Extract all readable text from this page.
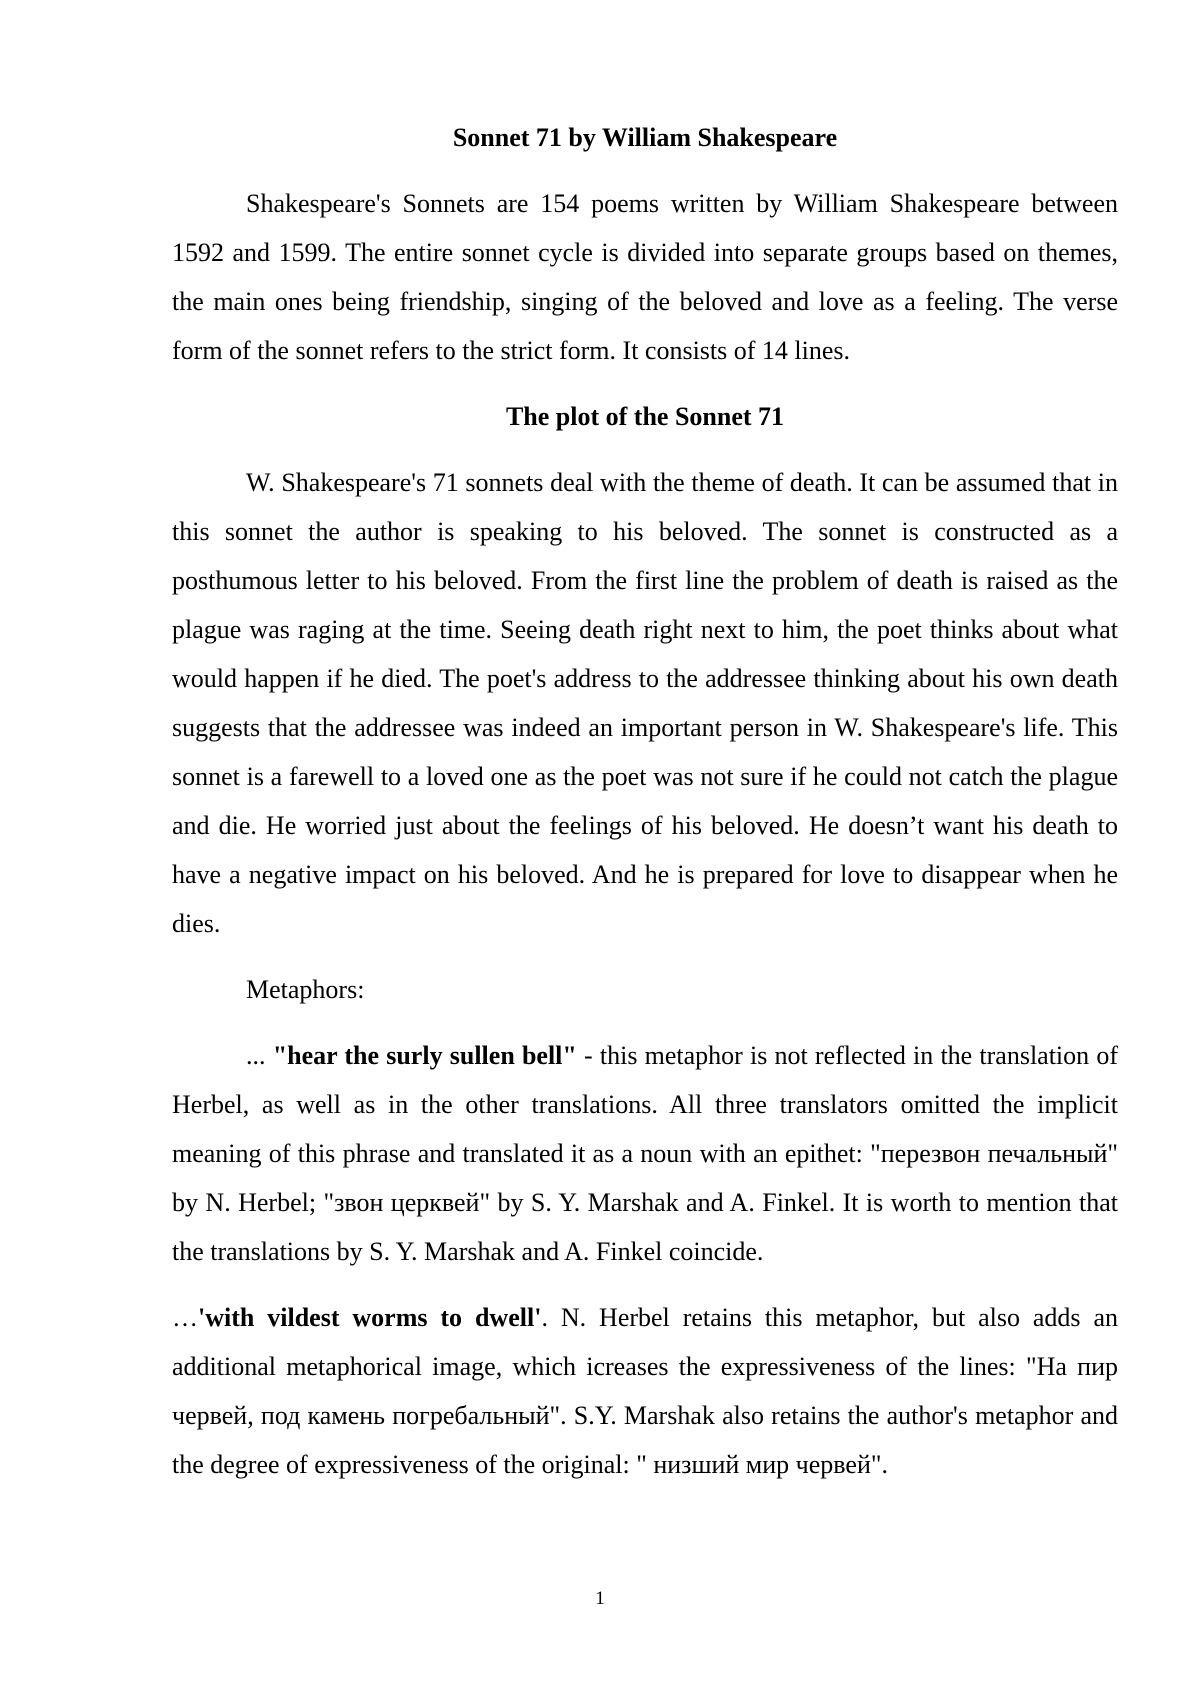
Sonnet 71 by William Shakespeare

Shakespeare's Sonnets are 154 poems written by William Shakespeare between 1592 and 1599. The entire sonnet cycle is divided into separate groups based on themes, the main ones being friendship, singing of the beloved and love as a feeling. The verse form of the sonnet refers to the strict form. It consists of 14 lines.

The plot of the Sonnet 71

W. Shakespeare's 71 sonnets deal with the theme of death. It can be assumed that in this sonnet the author is speaking to his beloved. The sonnet is constructed as a posthumous letter to his beloved. From the first line the problem of death is raised as the plague was raging at the time. Seeing death right next to him, the poet thinks about what would happen if he died. The poet's address to the addressee thinking about his own death suggests that the addressee was indeed an important person in W. Shakespeare's life. This sonnet is a farewell to a loved one as the poet was not sure if he could not catch the plague and die. He worried just about the feelings of his beloved. He doesn’t want his death to have a negative impact on his beloved. And he is prepared for love to disappear when he dies.

Metaphors:

... "hear the surly sullen bell" - this metaphor is not reflected in the translation of Herbel, as well as in the other translations. All three translators omitted the implicit meaning of this phrase and translated it as a noun with an epithet: "перезвон печальный" by N. Herbel; "звон церквей" by S. Y. Marshak and A. Finkel. It is worth to mention that the translations by S. Y. Marshak and A. Finkel coincide.

…'with vildest worms to dwell'. N. Herbel retains this metaphor, but also adds an additional metaphorical image, which icreases the expressiveness of the lines: "На пир червей, под камень погребальный". S.Y. Marshak also retains the author's metaphor and the degree of expressiveness of the original: " низший мир червей".

1
